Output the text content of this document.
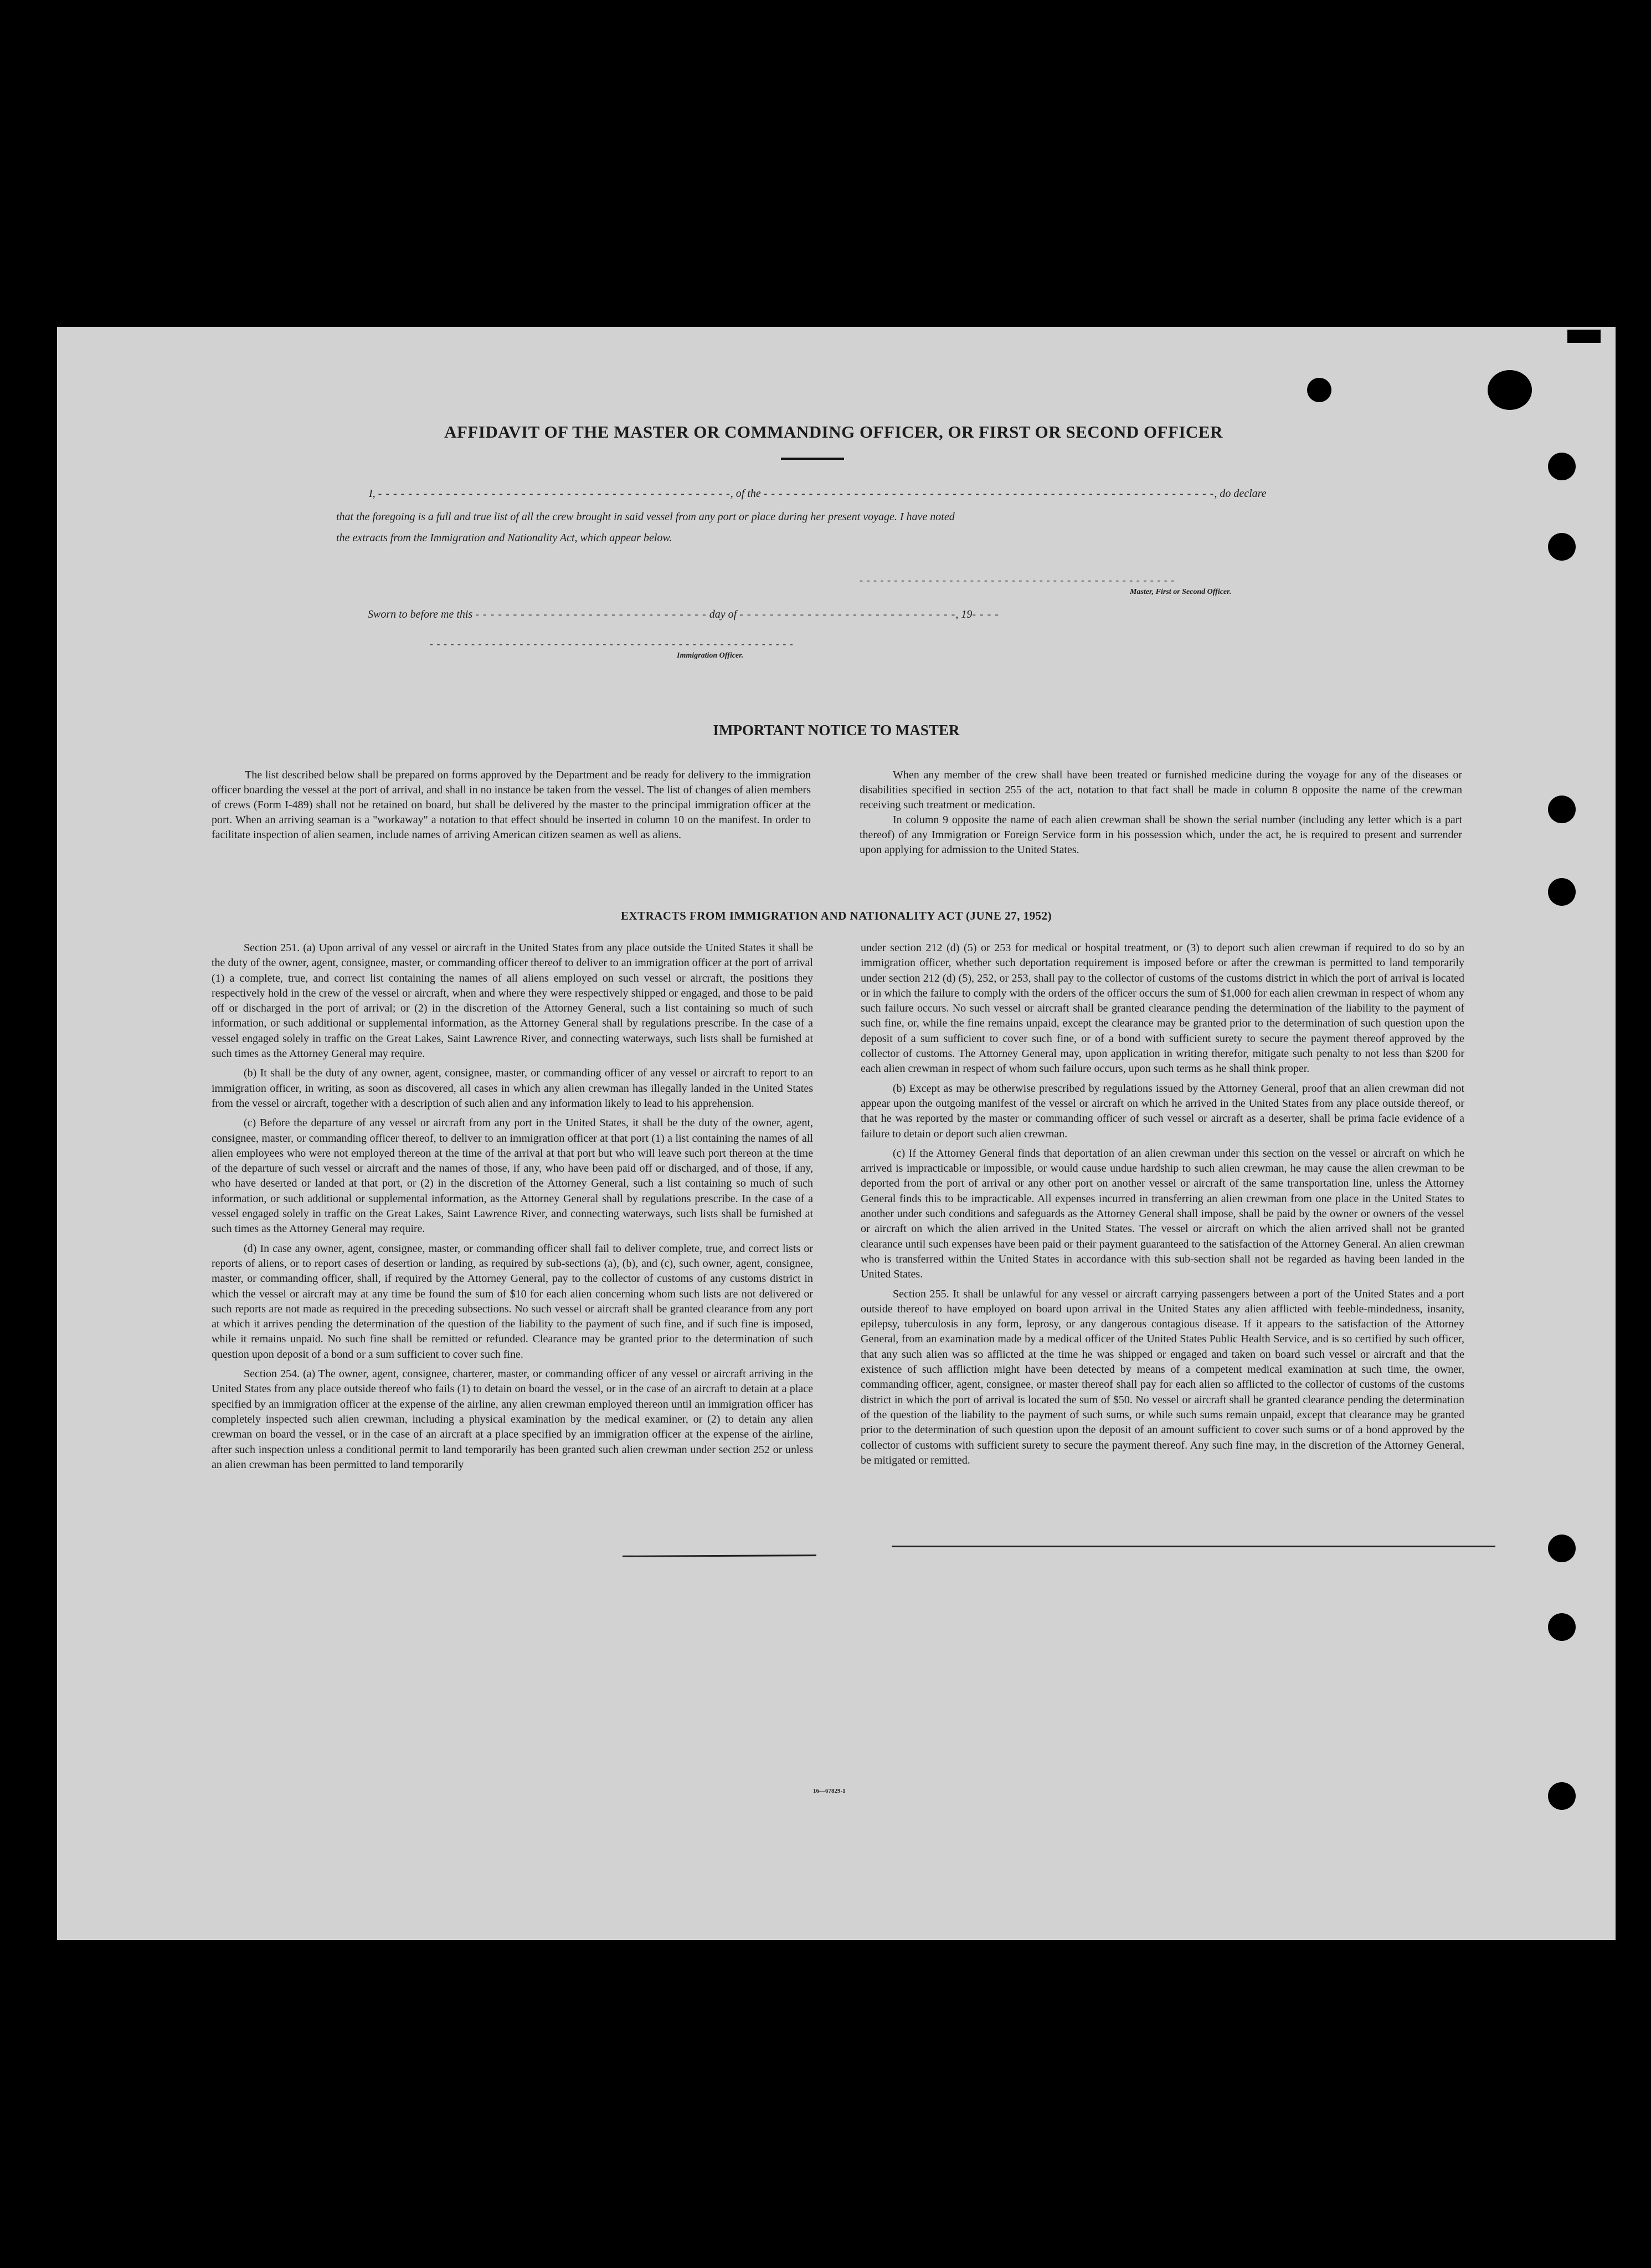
AFFIDAVIT OF THE MASTER OR COMMANDING OFFICER, OR FIRST OR SECOND OFFICER
I, - - - - - - - - - - - - - - - - - - - - - - - - - - - - - - - - - - - - - - - - - - - - - - -, of the - - - - - - - - - - - - - - - - - - - - - - - - - - - - - - - - - - - - - - - - - - - - - - - - - - - - - - - - - - - -, do declare
that the foregoing is a full and true list of all the crew brought in said vessel from any port or place during her present voyage. I have noted
the extracts from the Immigration and Nationality Act, which appear below.
- - - - - - - - - - - - - - - - - - - - - - - - - - - - - - - - - - - - - - - - - - - - - -
Master, First or Second Officer.
Sworn to before me this - - - - - - - - - - - - - - - - - - - - - - - - - - - - - - - day of - - - - - - - - - - - - - - - - - - - - - - - - - - - - -, 19- - - -
- - - - - - - - - - - - - - - - - - - - - - - - - - - - - - - - - - - - - - - - - - - - - - - - - - - - -
Immigration Officer.
IMPORTANT NOTICE TO MASTER

The list described below shall be prepared on forms approved by the Department and be ready for delivery to the immigration officer boarding the vessel at the port of arrival, and shall in no instance be taken from the vessel. The list of changes of alien members of crews (Form I-489) shall not be retained on board, but shall be delivered by the master to the principal immigration officer at the port. When an arriving seaman is a "workaway" a notation to that effect should be inserted in column 10 on the manifest. In order to facilitate inspection of alien seamen, include names of arriving American citizen seamen as well as aliens.

When any member of the crew shall have been treated or furnished medicine during the voyage for any of the diseases or disabilities specified in section 255 of the act, notation to that fact shall be made in column 8 opposite the name of the crewman receiving such treatment or medication.

In column 9 opposite the name of each alien crewman shall be shown the serial number (including any letter which is a part thereof) of any Immigration or Foreign Service form in his possession which, under the act, he is required to present and surrender upon applying for admission to the United States.

EXTRACTS FROM IMMIGRATION AND NATIONALITY ACT (JUNE 27, 1952)

Section 251. (a) Upon arrival of any vessel or aircraft in the United States from any place outside the United States it shall be the duty of the owner, agent, consignee, master, or commanding officer thereof to deliver to an immigration officer at the port of arrival (1) a complete, true, and correct list containing the names of all aliens employed on such vessel or aircraft, the positions they respectively hold in the crew of the vessel or aircraft, when and where they were respectively shipped or engaged, and those to be paid off or discharged in the port of arrival; or (2) in the discretion of the Attorney General, such a list containing so much of such information, or such additional or supplemental information, as the Attorney General shall by regulations prescribe. In the case of a vessel engaged solely in traffic on the Great Lakes, Saint Lawrence River, and connecting waterways, such lists shall be furnished at such times as the Attorney General may require.

(b) It shall be the duty of any owner, agent, consignee, master, or commanding officer of any vessel or aircraft to report to an immigration officer, in writing, as soon as discovered, all cases in which any alien crewman has illegally landed in the United States from the vessel or aircraft, together with a description of such alien and any information likely to lead to his apprehension.

(c) Before the departure of any vessel or aircraft from any port in the United States, it shall be the duty of the owner, agent, consignee, master, or commanding officer thereof, to deliver to an immigration officer at that port (1) a list containing the names of all alien employees who were not employed thereon at the time of the arrival at that port but who will leave such port thereon at the time of the departure of such vessel or aircraft and the names of those, if any, who have been paid off or discharged, and of those, if any, who have deserted or landed at that port, or (2) in the discretion of the Attorney General, such a list containing so much of such information, or such additional or supplemental information, as the Attorney General shall by regulations prescribe. In the case of a vessel engaged solely in traffic on the Great Lakes, Saint Lawrence River, and connecting waterways, such lists shall be furnished at such times as the Attorney General may require.

(d) In case any owner, agent, consignee, master, or commanding officer shall fail to deliver complete, true, and correct lists or reports of aliens, or to report cases of desertion or landing, as required by sub-sections (a), (b), and (c), such owner, agent, consignee, master, or commanding officer, shall, if required by the Attorney General, pay to the collector of customs of any customs district in which the vessel or aircraft may at any time be found the sum of $10 for each alien concerning whom such lists are not delivered or such reports are not made as required in the preceding subsections. No such vessel or aircraft shall be granted clearance from any port at which it arrives pending the determination of the question of the liability to the payment of such fine, and if such fine is imposed, while it remains unpaid. No such fine shall be remitted or refunded. Clearance may be granted prior to the determination of such question upon deposit of a bond or a sum sufficient to cover such fine.

Section 254. (a) The owner, agent, consignee, charterer, master, or commanding officer of any vessel or aircraft arriving in the United States from any place outside thereof who fails (1) to detain on board the vessel, or in the case of an aircraft to detain at a place specified by an immigration officer at the expense of the airline, any alien crewman employed thereon until an immigration officer has completely inspected such alien crewman, including a physical examination by the medical examiner, or (2) to detain any alien crewman on board the vessel, or in the case of an aircraft at a place specified by an immigration officer at the expense of the airline, after such inspection unless a conditional permit to land temporarily has been granted such alien crewman under section 252 or unless an alien crewman has been permitted to land temporarily

under section 212 (d) (5) or 253 for medical or hospital treatment, or (3) to deport such alien crewman if required to do so by an immigration officer, whether such deportation requirement is imposed before or after the crewman is permitted to land temporarily under section 212 (d) (5), 252, or 253, shall pay to the collector of customs of the customs district in which the port of arrival is located or in which the failure to comply with the orders of the officer occurs the sum of $1,000 for each alien crewman in respect of whom any such failure occurs. No such vessel or aircraft shall be granted clearance pending the determination of the liability to the payment of such fine, or, while the fine remains unpaid, except the clearance may be granted prior to the determination of such question upon the deposit of a sum sufficient to cover such fine, or of a bond with sufficient surety to secure the payment thereof approved by the collector of customs. The Attorney General may, upon application in writing therefor, mitigate such penalty to not less than $200 for each alien crewman in respect of whom such failure occurs, upon such terms as he shall think proper.

(b) Except as may be otherwise prescribed by regulations issued by the Attorney General, proof that an alien crewman did not appear upon the outgoing manifest of the vessel or aircraft on which he arrived in the United States from any place outside thereof, or that he was reported by the master or commanding officer of such vessel or aircraft as a deserter, shall be prima facie evidence of a failure to detain or deport such alien crewman.

(c) If the Attorney General finds that deportation of an alien crewman under this section on the vessel or aircraft on which he arrived is impracticable or impossible, or would cause undue hardship to such alien crewman, he may cause the alien crewman to be deported from the port of arrival or any other port on another vessel or aircraft of the same transportation line, unless the Attorney General finds this to be impracticable. All expenses incurred in transferring an alien crewman from one place in the United States to another under such conditions and safeguards as the Attorney General shall impose, shall be paid by the owner or owners of the vessel or aircraft on which the alien arrived in the United States. The vessel or aircraft on which the alien arrived shall not be granted clearance until such expenses have been paid or their payment guaranteed to the satisfaction of the Attorney General. An alien crewman who is transferred within the United States in accordance with this sub-section shall not be regarded as having been landed in the United States.

Section 255. It shall be unlawful for any vessel or aircraft carrying passengers between a port of the United States and a port outside thereof to have employed on board upon arrival in the United States any alien afflicted with feeble-mindedness, insanity, epilepsy, tuberculosis in any form, leprosy, or any dangerous contagious disease. If it appears to the satisfaction of the Attorney General, from an examination made by a medical officer of the United States Public Health Service, and is so certified by such officer, that any such alien was so afflicted at the time he was shipped or engaged and taken on board such vessel or aircraft and that the existence of such affliction might have been detected by means of a competent medical examination at such time, the owner, commanding officer, agent, consignee, or master thereof shall pay for each alien so afflicted to the collector of customs of the customs district in which the port of arrival is located the sum of $50. No vessel or aircraft shall be granted clearance pending the determination of the question of the liability to the payment of such sums, or while such sums remain unpaid, except that clearance may be granted prior to the determination of such question upon the deposit of an amount sufficient to cover such sums or of a bond approved by the collector of customs with sufficient surety to secure the payment thereof. Any such fine may, in the discretion of the Attorney General, be mitigated or remitted.

16—67829-1
